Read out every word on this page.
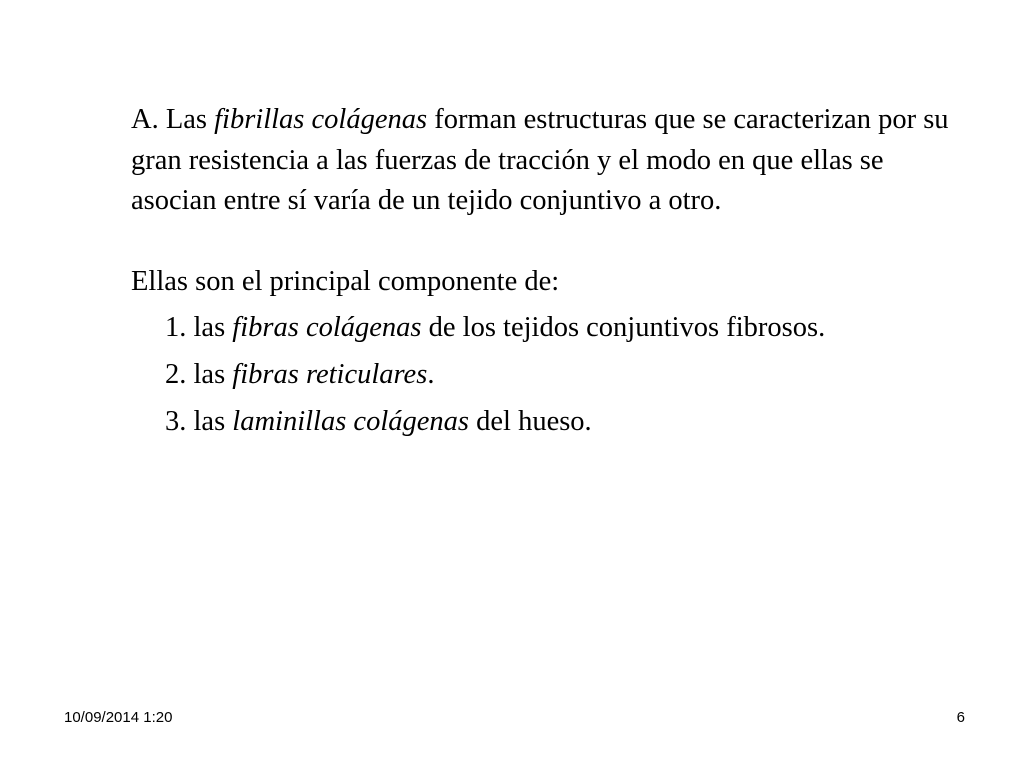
A. Las fibrillas colágenas forman estructuras que se caracterizan por su gran resistencia a las fuerzas de tracción y el modo en que ellas se asocian entre sí varía de un tejido conjuntivo a otro.

Ellas son el principal componente de:

1. las fibras colágenas de los tejidos conjuntivos fibrosos.

2. las fibras reticulares.

3. las laminillas colágenas del hueso.

10/09/2014 1:20	6
